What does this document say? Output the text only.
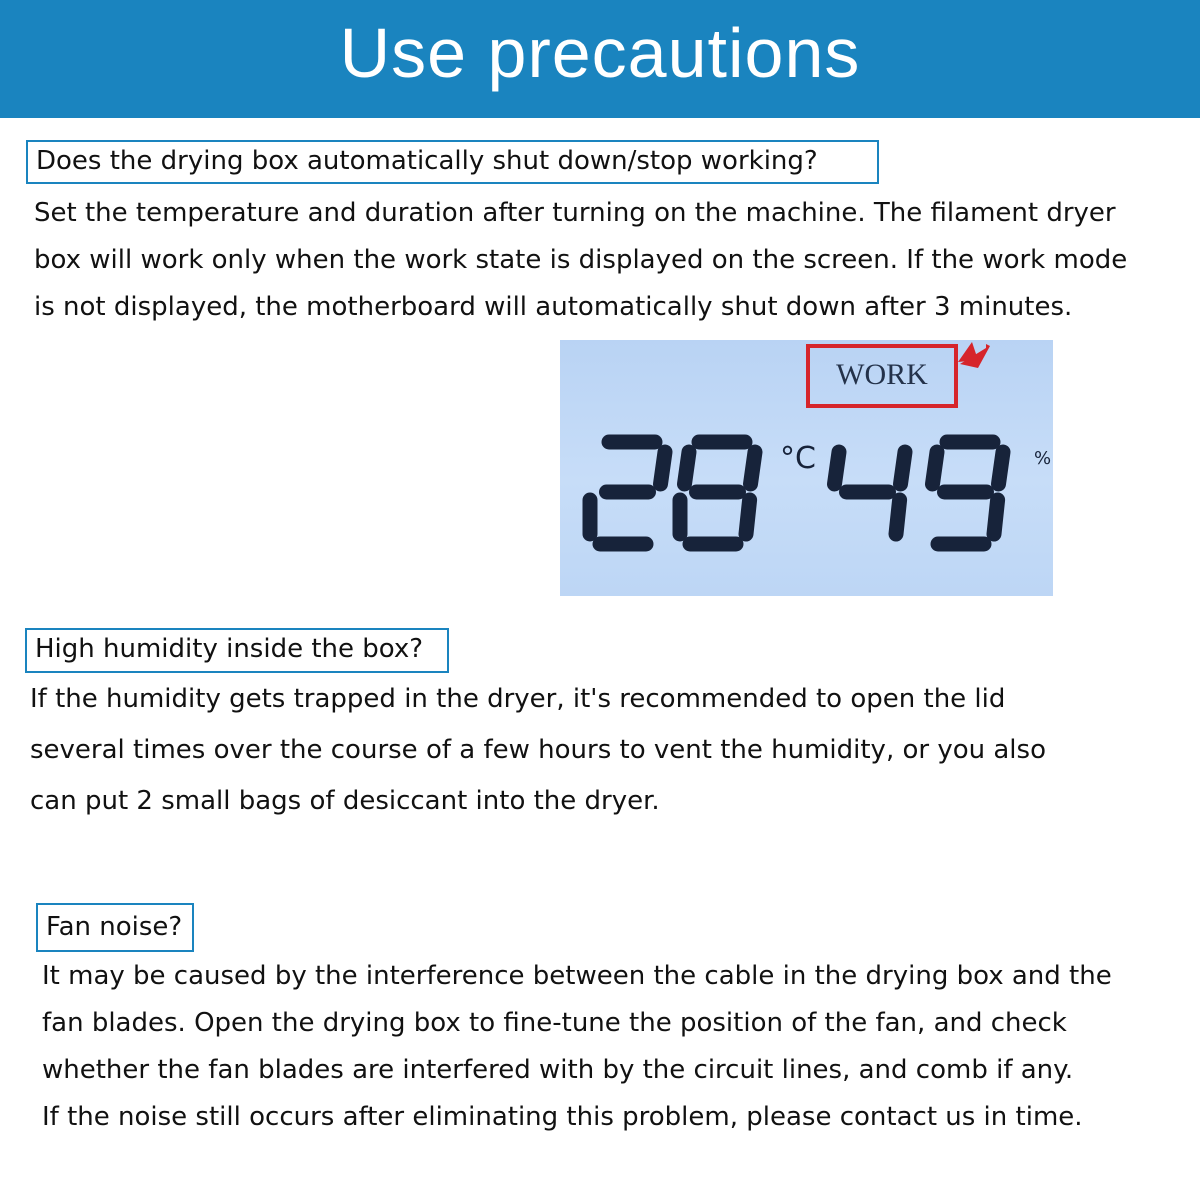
Use precautions
Does the drying box automatically shut down/stop working?
Set the temperature and duration after turning on the machine. The filament dryer
box will work only when the work state is displayed on the screen. If the work mode
is not displayed, the motherboard will automatically shut down after 3 minutes.
WORK
°C	%
High humidity inside the box?
If the humidity gets trapped in the dryer, it's recommended to open the lid
several times over the course of a few hours to vent the humidity, or you also
can put 2 small bags of desiccant into the dryer.
Fan noise?
It may be caused by the interference between the cable in the drying box and the
fan blades. Open the drying box to fine-tune the position of the fan, and check
whether the fan blades are interfered with by the circuit lines, and comb if any.
If the noise still occurs after eliminating this problem, please contact us in time.
